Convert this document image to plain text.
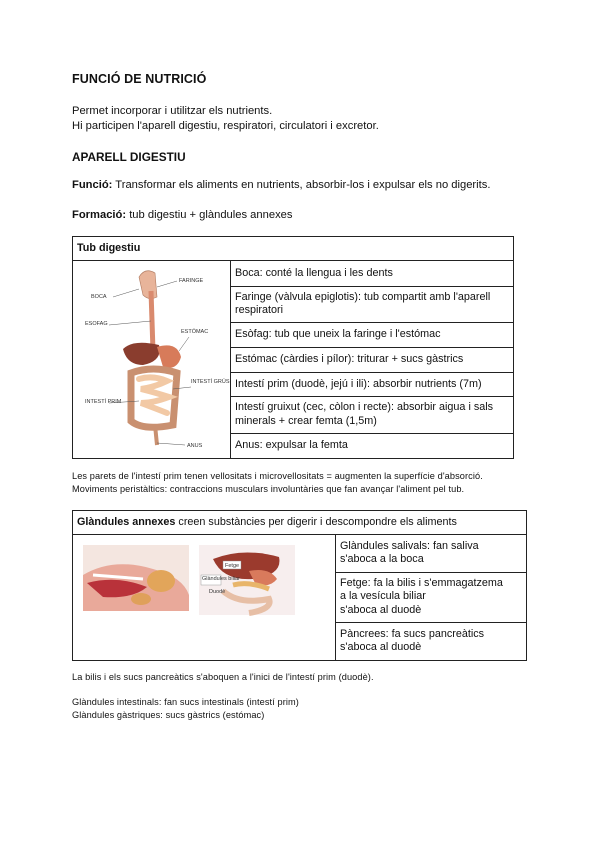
FUNCIÓ DE NUTRICIÓ
Permet incorporar i utilitzar els nutrients.
Hi participen l'aparell digestiu, respiratori, circulatori i excretor.
APARELL DIGESTIU
Funció: Transformar els aliments en nutrients, absorbir-los i expulsar els no digerits.
Formació: tub digestiu + glàndules annexes
Tub digestiu

FARINGE
BOCA
ESTÓMAC
ESOFAG
INTESTÍ GRÚS
INTESTÍ PRIM
ANUS
	Boca: conté la llengua i les dents
Faringe (vàlvula epiglotis): tub compartit amb l'aparell respiratori
Esòfag: tub que uneix la faringe i l'estómac
Estómac (càrdies i pílor): triturar + sucs gàstrics
Intestí prim (duodè, jejú i ili): absorbir nutrients (7m)
Intestí gruixut (cec, còlon i recte): absorbir aigua i sals minerals + crear femta (1,5m)
Anus: expulsar la femta
Les parets de l'intestí prim tenen vellositats i microvellositats = augmenten la superfície d'absorció.
Moviments peristàltics: contraccions musculars involuntàries que fan avançar l'aliment pel tub.
Glàndules annexes creen substàncies per digerir i descompondre els aliments

Fetge
Glàndules biliar
Duodè

Glàndules salivals: fan saliva
s'aboca a la boca

Fetge: fa la bilis i s'emmagatzema
a la vesícula biliar
s'aboca al duodè

Pàncrees: fa sucs pancreàtics
s'aboca al duodè
La bilis i els sucs pancreàtics s'aboquen a l'inici de l'intestí prim (duodè).
Glàndules intestinals: fan sucs intestinals (intestí prim)
Glàndules gàstriques: sucs gàstrics (estómac)
